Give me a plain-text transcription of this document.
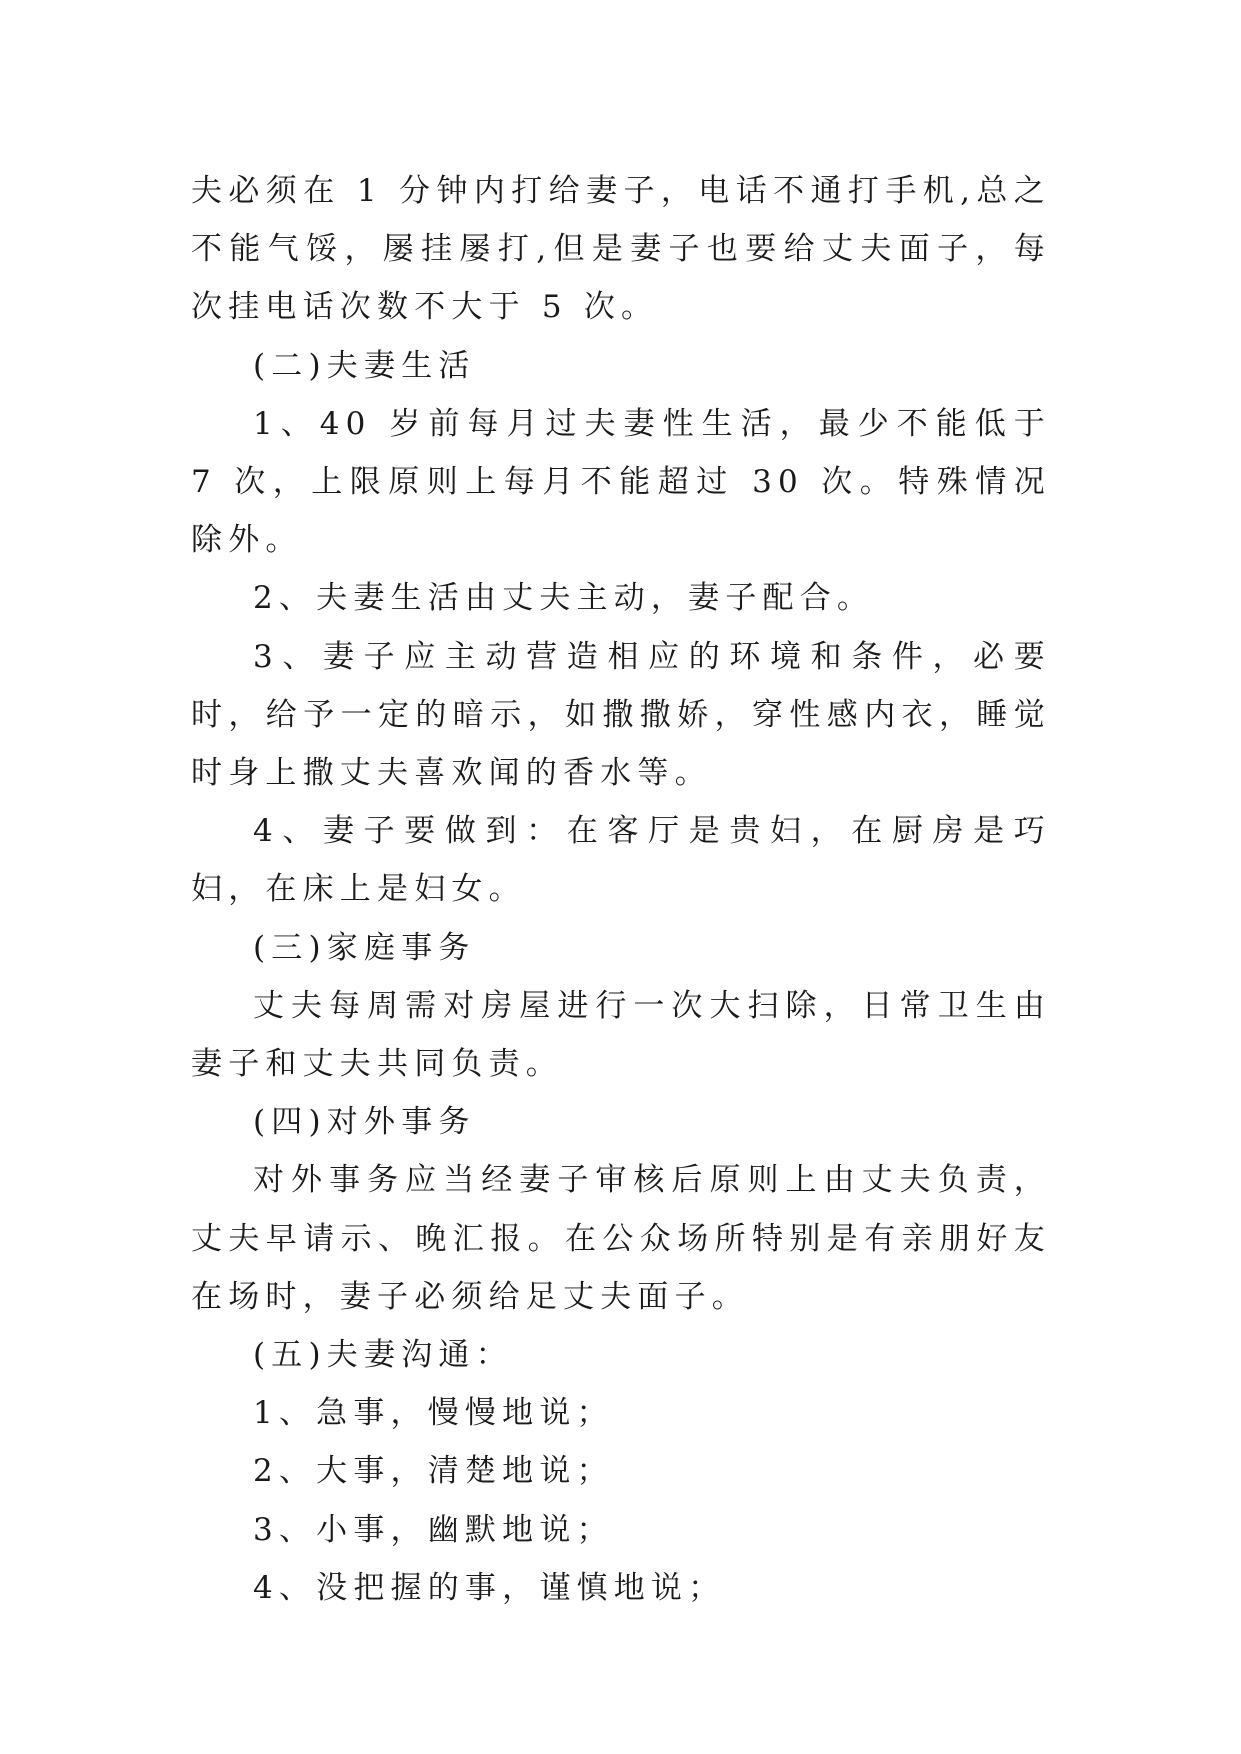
夫必须在 1 分钟内打给妻子，电话不通打手机,总之不能气馁，屡挂屡打,但是妻子也要给丈夫面子，每次挂电话次数不大于 5 次。

(二)夫妻生活

1、40 岁前每月过夫妻性生活，最少不能低于 7 次，上限原则上每月不能超过 30 次。特殊情况除外。

2、夫妻生活由丈夫主动，妻子配合。

3、妻子应主动营造相应的环境和条件，必要时，给予一定的暗示，如撒撒娇，穿性感内衣，睡觉时身上撒丈夫喜欢闻的香水等。

4、妻子要做到：在客厅是贵妇，在厨房是巧妇，在床上是妇女。

(三)家庭事务

丈夫每周需对房屋进行一次大扫除，日常卫生由妻子和丈夫共同负责。

(四)对外事务

对外事务应当经妻子审核后原则上由丈夫负责，丈夫早请示、晚汇报。在公众场所特别是有亲朋好友在场时，妻子必须给足丈夫面子。

(五)夫妻沟通：

1、急事，慢慢地说；

2、大事，清楚地说；

3、小事，幽默地说；

4、没把握的事，谨慎地说；
